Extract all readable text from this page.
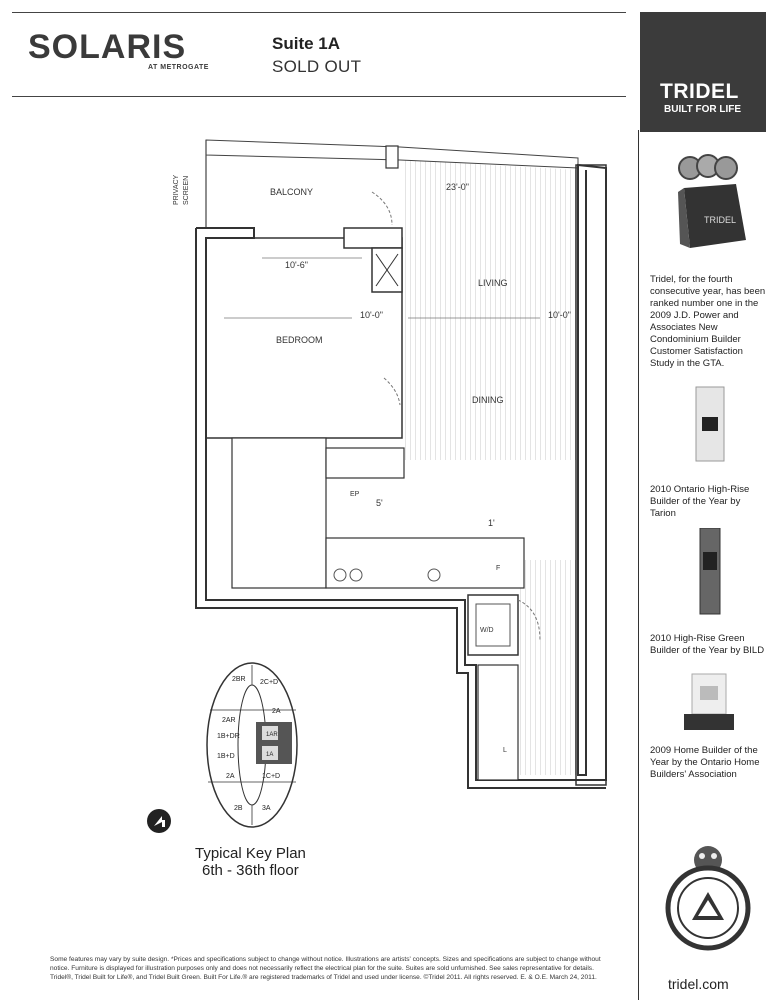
SOLARIS
AT METROGATE
Suite 1A
SOLD OUT
TRIDEL
BUILT FOR LIFE
TRIDEL
Tridel, for the fourth consecutive year, has been ranked number one in the 2009 J.D. Power and Associates New Condominium Builder Customer Satisfaction Study in the GTA.
2010 Ontario High-Rise Builder of the Year by Tarion
2010 High-Rise Green Builder of the Year by BILD
2009 Home Builder of the Year by the Ontario Home Builders' Association
tridel.com
BALCONY
LIVING
DINING
BEDROOM
W/D
EP
F
L
PRIVACY SCREEN	23'-0"
10'-6"
10'-0"	10'-0"
5'
1'
2BR 2C+D
2A
2AR
1B+DR	1AR
1B+D	1A
2A	1C+D
2B	3A
Typical Key Plan
6th - 36th floor
Some features may vary by suite design. *Prices and specifications subject to change without notice. Illustrations are artists' concepts. Sizes and specifications are subject to change without notice. Furniture is displayed for illustration purposes only and does not necessarily reflect the electrical plan for the suite. Suites are sold unfurnished. See sales representative for details. Tridel®, Tridel Built for Life®, and Tridel Built Green. Built For Life.® are registered trademarks of Tridel and used under license. ©Tridel 2011. All rights reserved. E. & O.E. March 24, 2011.
